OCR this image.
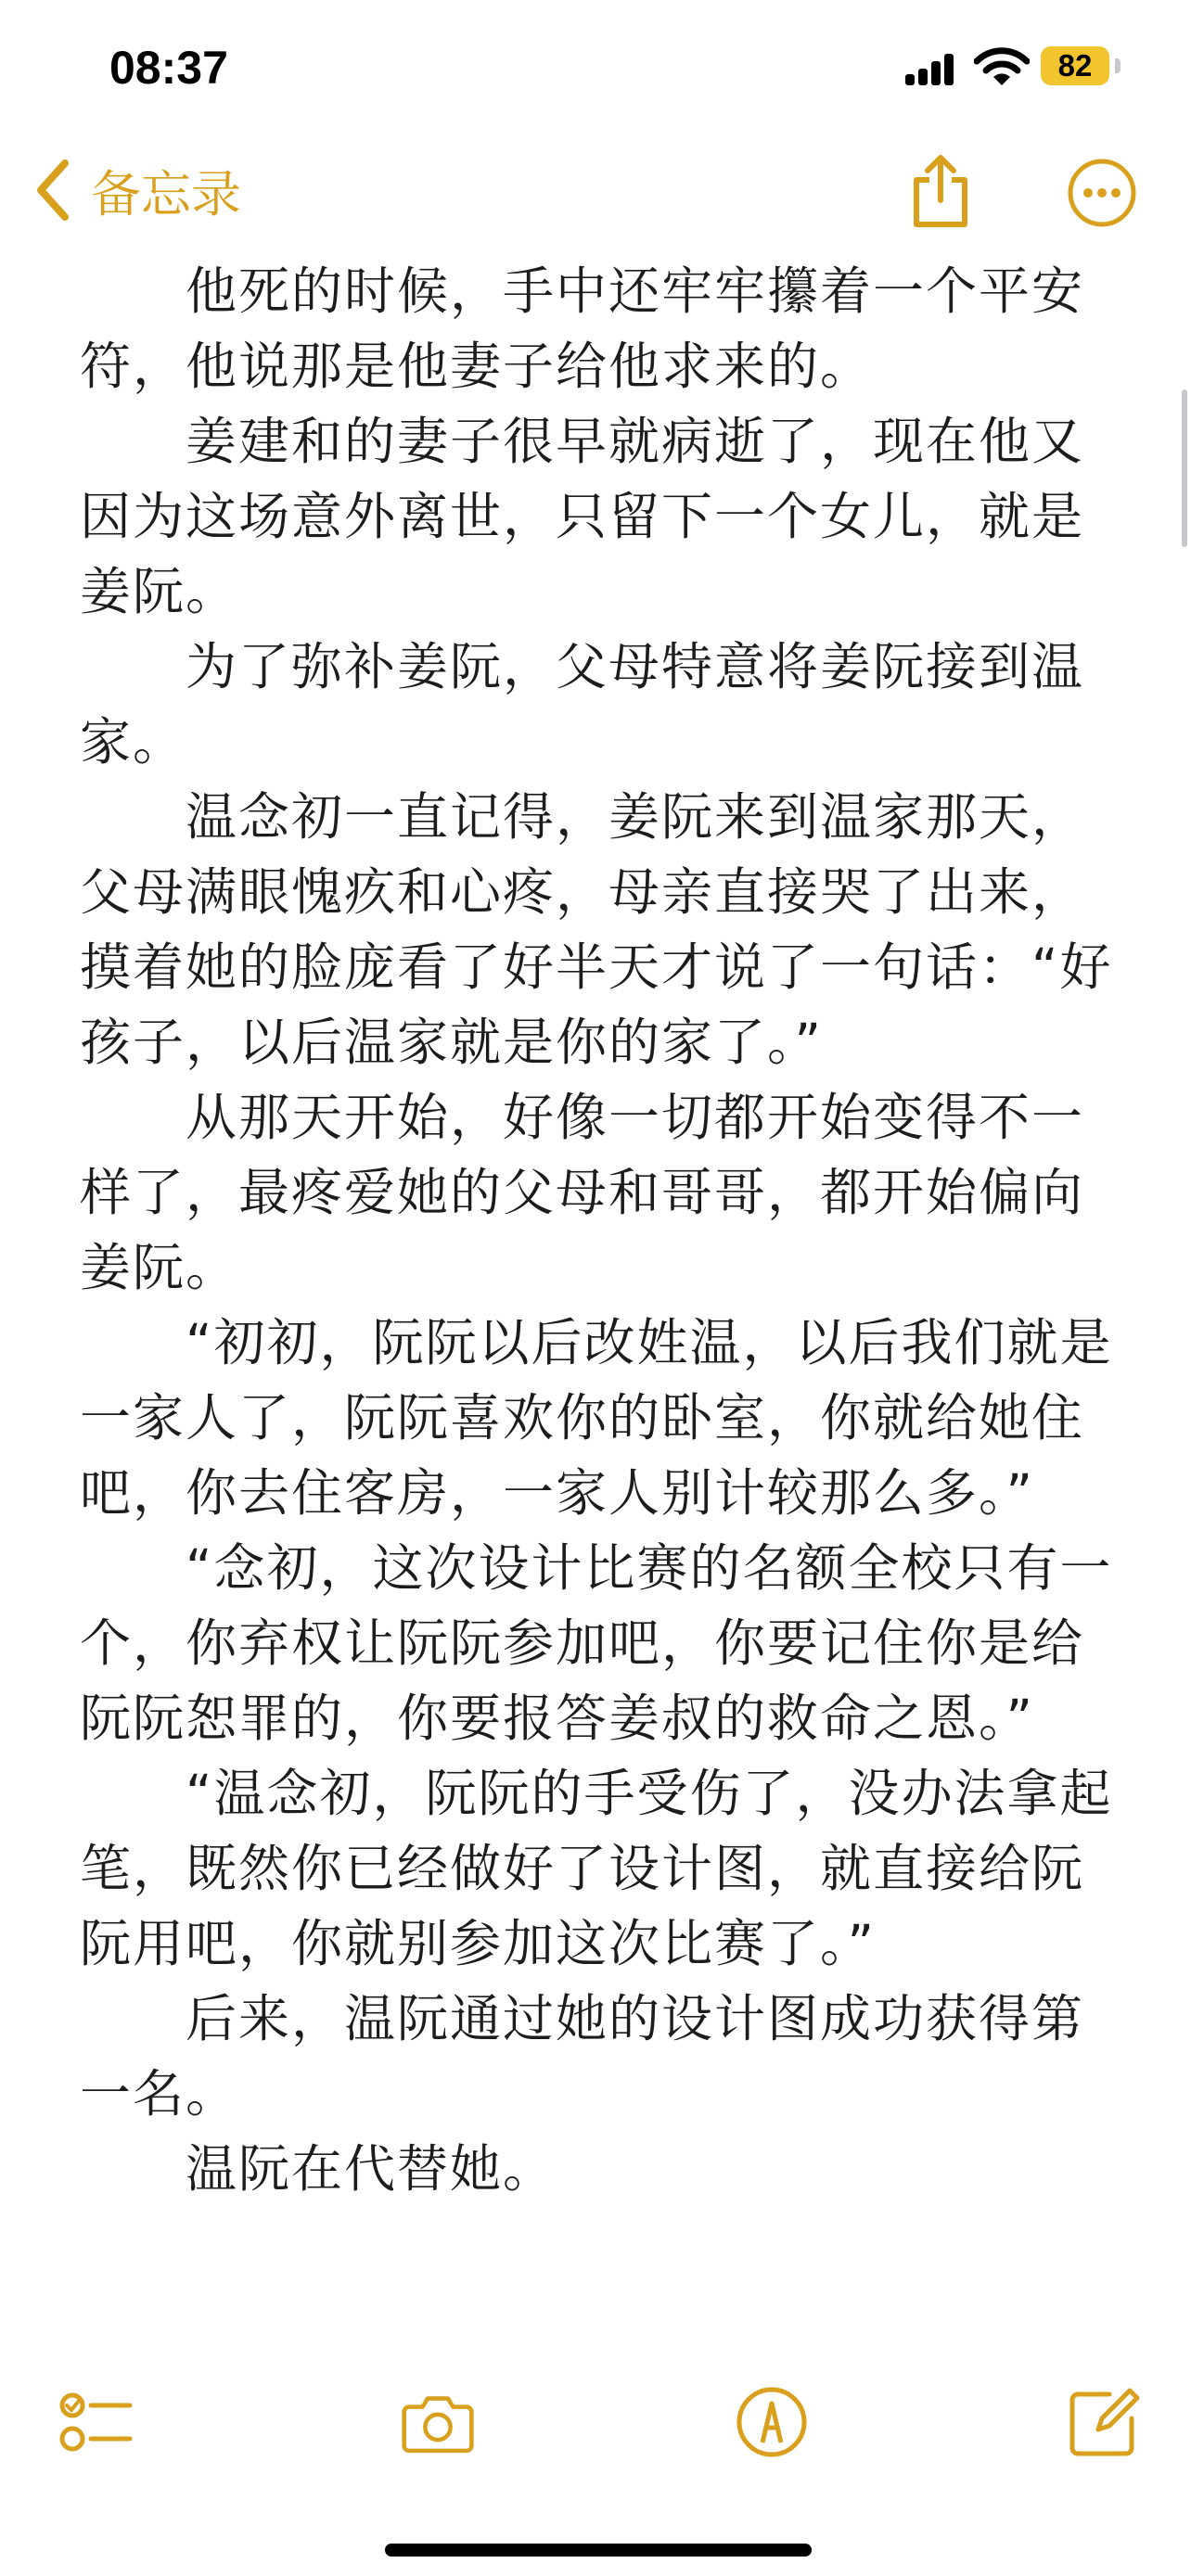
08:37	82
备忘录

他死的时候，手中还牢牢攥着一个平安符，他说那是他妻子给他求来的。

姜建和的妻子很早就病逝了，现在他又因为这场意外离世，只留下一个女儿，就是姜阮。

为了弥补姜阮，父母特意将姜阮接到温家。

温念初一直记得，姜阮来到温家那天，父母满眼愧疚和心疼，母亲直接哭了出来，摸着她的脸庞看了好半天才说了一句话：“好孩子，以后温家就是你的家了。”

从那天开始，好像一切都开始变得不一样了，最疼爱她的父母和哥哥，都开始偏向姜阮。

“初初，阮阮以后改姓温，以后我们就是一家人了，阮阮喜欢你的卧室，你就给她住吧，你去住客房，一家人别计较那么多。”

“念初，这次设计比赛的名额全校只有一个，你弃权让阮阮参加吧，你要记住你是给阮阮恕罪的，你要报答姜叔的救命之恩。”

“温念初，阮阮的手受伤了，没办法拿起笔，既然你已经做好了设计图，就直接给阮阮用吧，你就别参加这次比赛了。”

后来，温阮通过她的设计图成功获得第一名。

温阮在代替她。
